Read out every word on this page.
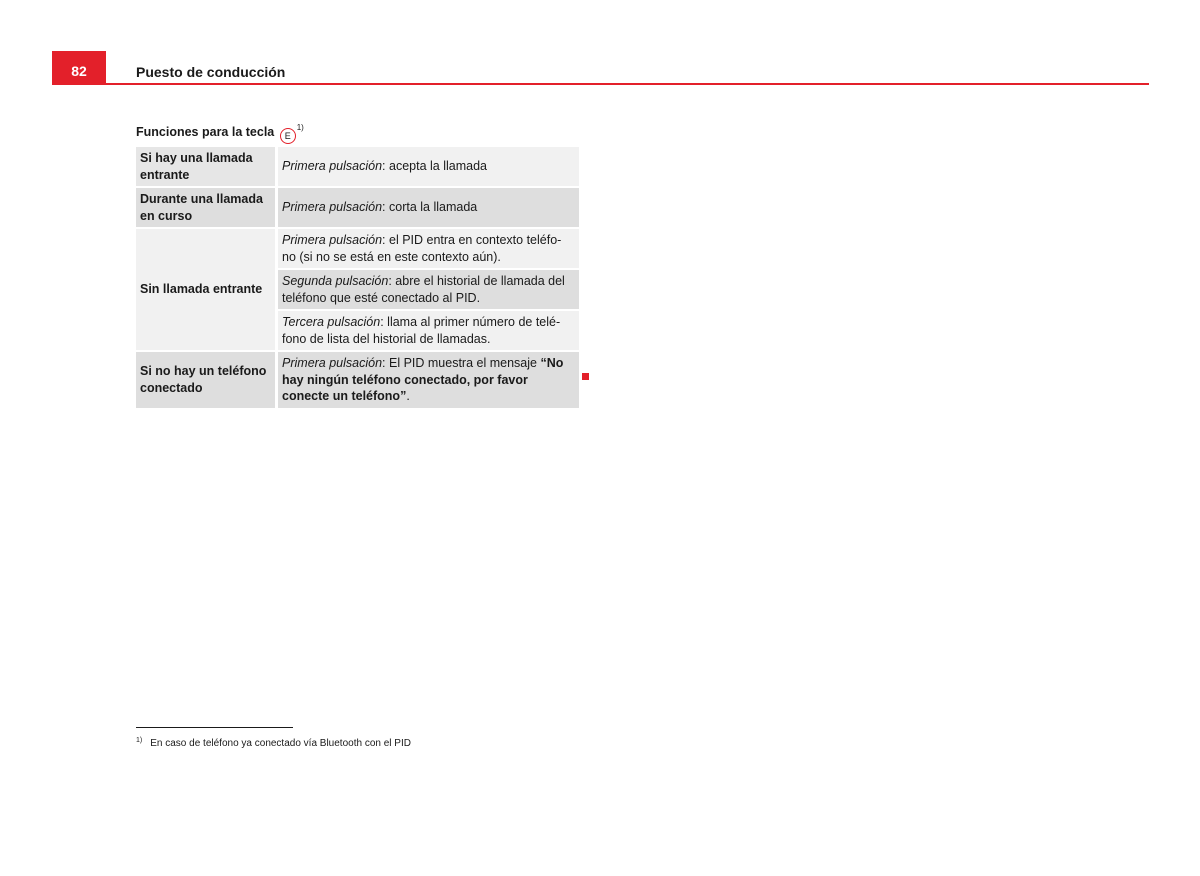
82	Puesto de conducción
Funciones para la tecla $E^{1)}$
Si hay una llamada entrante	Primera pulsación: acepta la llamada
Durante una llamada en curso	Primera pulsación: corta la llamada
Sin llamada entrante	Primera pulsación: el PID entra en contexto teléfo-no (si no se está en este contexto aún).
	Segunda pulsación: abre el historial de llamada del teléfono que esté conectado al PID.
	Tercera pulsación: llama al primer número de telé-fono de lista del historial de llamadas.
Si no hay un teléfono conectado	Primera pulsación: El PID muestra el mensaje “No hay ningún teléfono conectado, por favor conecte un teléfono”.
$^{1)}$ En caso de teléfono ya conectado vía Bluetooth con el PID
